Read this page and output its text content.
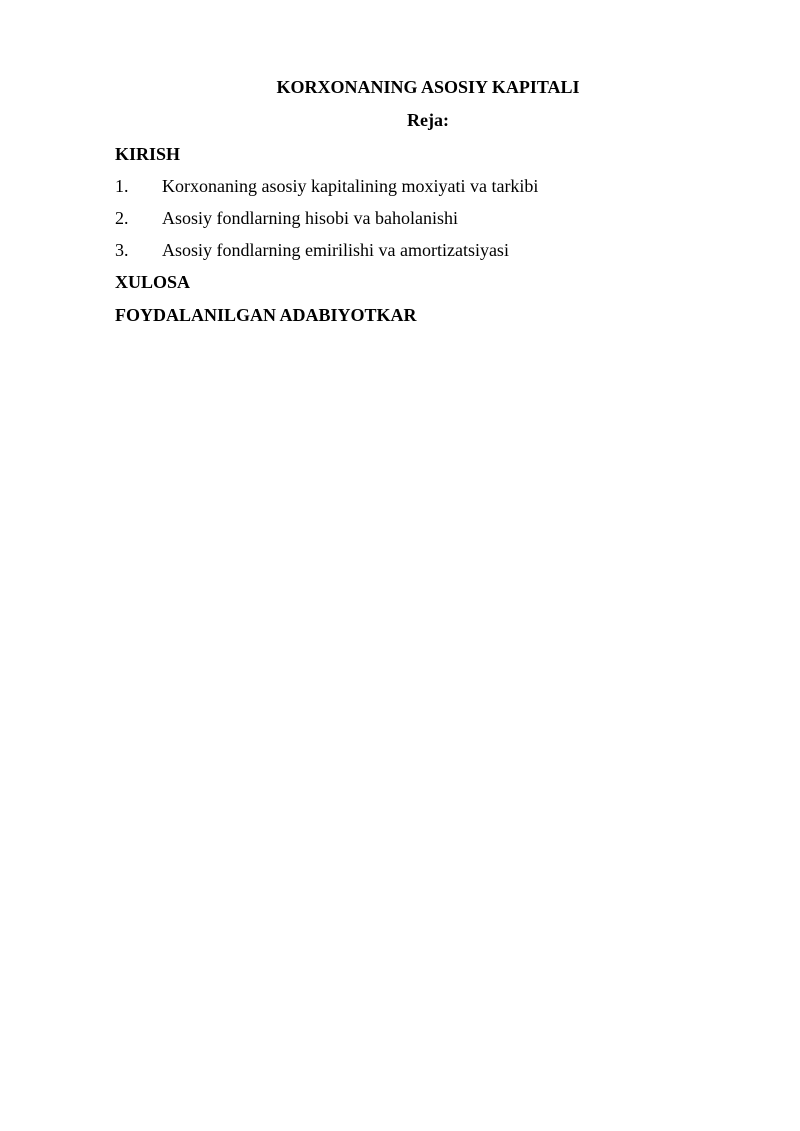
KORXONANING ASOSIY KAPITALI
Reja:
KIRISH
1. Korxonaning asosiy kapitalining moxiyati va tarkibi
2. Asosiy fondlarning hisobi va baholanishi
3. Asosiy fondlarning emirilishi va amortizatsiyasi
XULOSA
FOYDALANILGAN ADABIYOTKAR
